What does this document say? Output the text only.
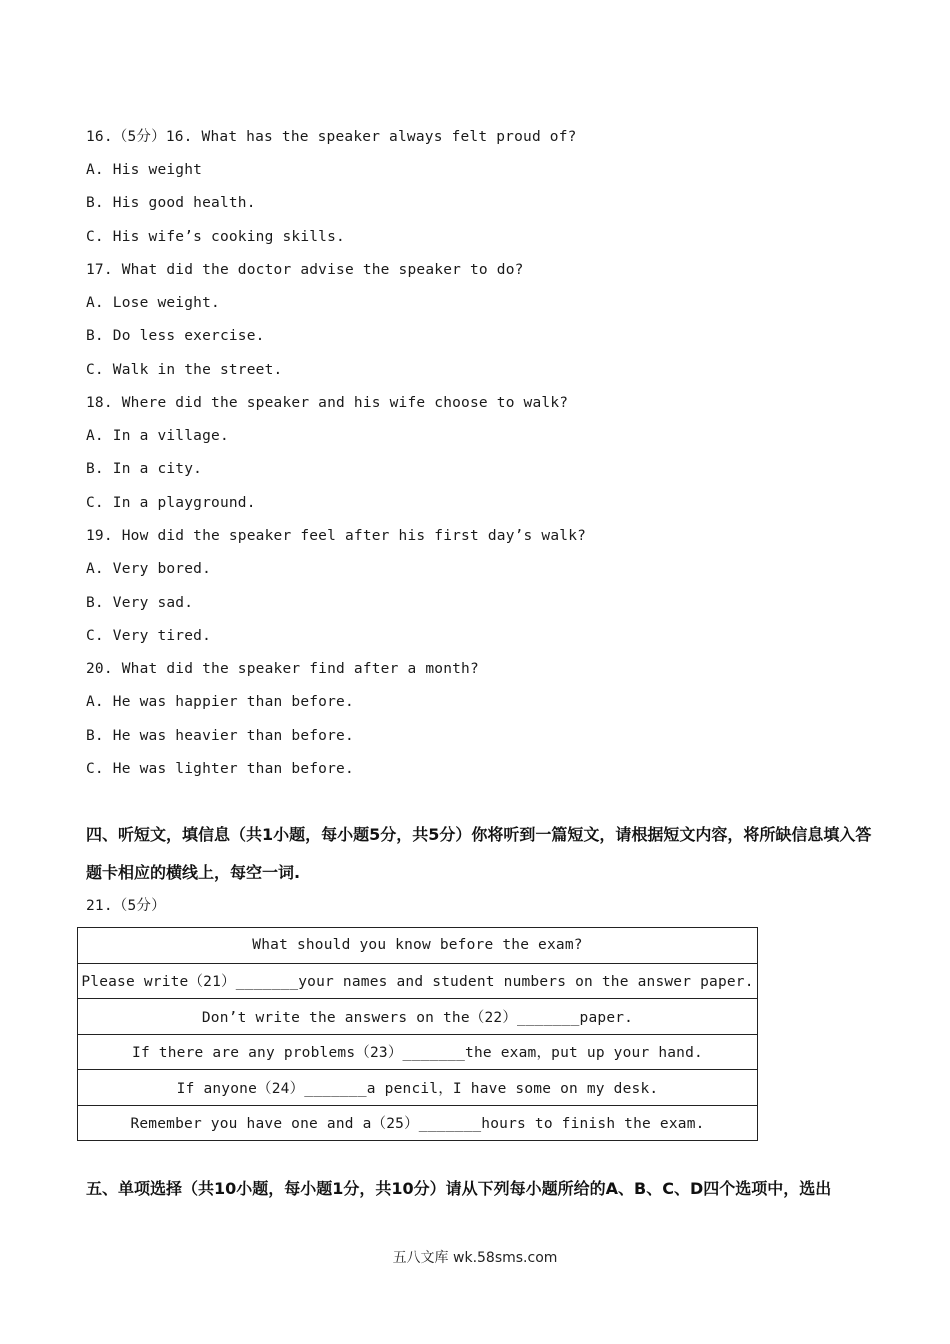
16.（5分）16. What has the speaker always felt proud of?
A. His weight
B. His good health.
C. His wife’s cooking skills.
17. What did the doctor advise the speaker to do?
A. Lose weight.
B. Do less exercise.
C. Walk in the street.
18. Where did the speaker and his wife choose to walk?
A. In a village.
B. In a city.
C. In a playground.
19. How did the speaker feel after his first day’s walk?
A. Very bored.
B. Very sad.
C. Very tired.
20. What did the speaker find after a month?
A. He was happier than before.
B. He was heavier than before.
C. He was lighter than before.
四、听短文，填信息（共1小题，每小题5分，共5分）你将听到一篇短文，请根据短文内容，将所缺信息填入答题卡相应的横线上，每空一词.
21.（5分）
What should you know before the exam?
Please write（21）_______your names and student numbers on the answer paper.
Don’t write the answers on the（22）_______paper.
If there are any problems（23）_______the exam，put up your hand.
If anyone（24）_______a pencil，I have some on my desk.
Remember you have one and a（25）_______hours to finish the exam.
五、单项选择（共10小题，每小题1分，共10分）请从下列每小题所给的A、B、C、D四个选项中，选出
五八文库 wk.58sms.com
